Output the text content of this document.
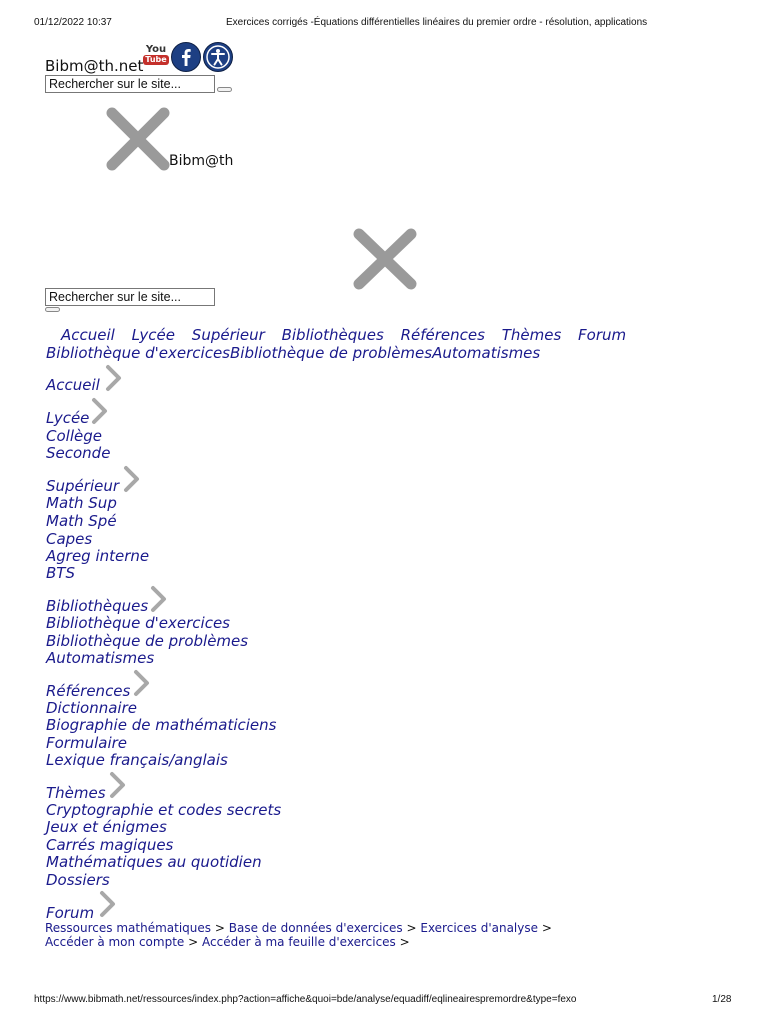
01/12/2022 10:37	Exercices corrigés -Équations différentielles linéaires du premier ordre - résolution, applications
Bibm@th.net
You
Tube
Rechercher sur le site...
Bibm@th
Rechercher sur le site...
Accueil Lycée Supérieur Bibliothèques Références Thèmes Forum
Bibliothèque d'exercicesBibliothèque de problèmesAutomatismes
Accueil
Lycée
Collège
Seconde
Supérieur
Math Sup
Math Spé
Capes
Agreg interne
BTS
Bibliothèques
Bibliothèque d'exercices
Bibliothèque de problèmes
Automatismes
Références
Dictionnaire
Biographie de mathématiciens
Formulaire
Lexique français/anglais
Thèmes
Cryptographie et codes secrets
Jeux et énigmes
Carrés magiques
Mathématiques au quotidien
Dossiers
Forum
Ressources mathématiques > Base de données d'exercices > Exercices d'analyse >
Accéder à mon compte > Accéder à ma feuille d'exercices >
https://www.bibmath.net/ressources/index.php?action=affiche&quoi=bde/analyse/equadiff/eqlineairespremordre&type=fexo	1/28
